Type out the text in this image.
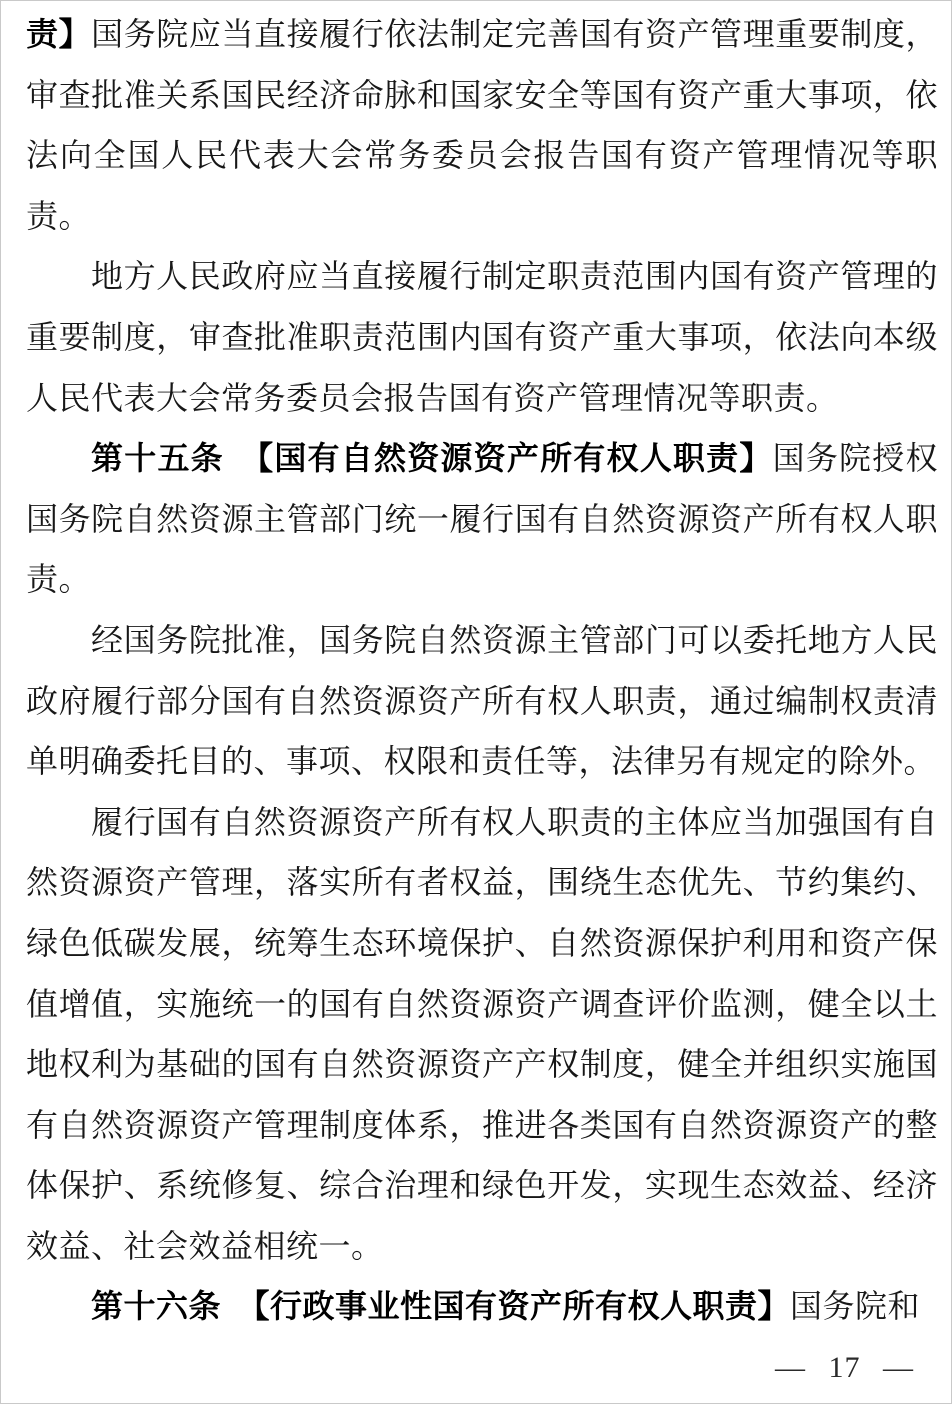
责】国务院应当直接履行依法制定完善国有资产管理重要制度，审查批准关系国民经济命脉和国家安全等国有资产重大事项，依法向全国人民代表大会常务委员会报告国有资产管理情况等职责。

地方人民政府应当直接履行制定职责范围内国有资产管理的重要制度，审查批准职责范围内国有资产重大事项，依法向本级人民代表大会常务委员会报告国有资产管理情况等职责。

第十五条　【国有自然资源资产所有权人职责】国务院授权国务院自然资源主管部门统一履行国有自然资源资产所有权人职责。

经国务院批准，国务院自然资源主管部门可以委托地方人民政府履行部分国有自然资源资产所有权人职责，通过编制权责清单明确委托目的、事项、权限和责任等，法律另有规定的除外。

履行国有自然资源资产所有权人职责的主体应当加强国有自然资源资产管理，落实所有者权益，围绕生态优先、节约集约、绿色低碳发展，统筹生态环境保护、自然资源保护利用和资产保值增值，实施统一的国有自然资源资产调查评价监测，健全以土地权利为基础的国有自然资源资产产权制度，健全并组织实施国有自然资源资产管理制度体系，推进各类国有自然资源资产的整体保护、系统修复、综合治理和绿色开发，实现生态效益、经济效益、社会效益相统一。

第十六条　【行政事业性国有资产所有权人职责】国务院和

— 17 —
